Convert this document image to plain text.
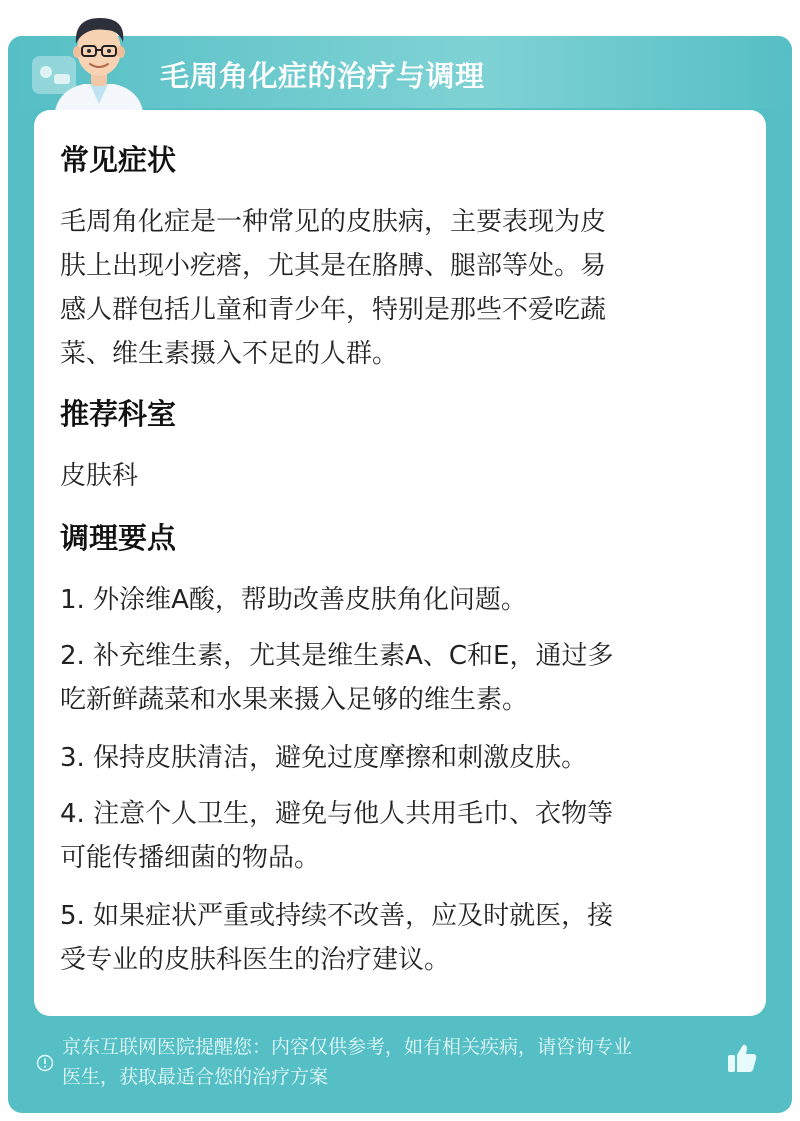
毛周角化症的治疗与调理
常见症状
毛周角化症是一种常见的皮肤病，主要表现为皮
肤上出现小疙瘩，尤其是在胳膊、腿部等处。易
感人群包括儿童和青少年，特别是那些不爱吃蔬
菜、维生素摄入不足的人群。
推荐科室
皮肤科
调理要点
1. 外涂维A酸，帮助改善皮肤角化问题。
2. 补充维生素，尤其是维生素A、C和E，通过多
吃新鲜蔬菜和水果来摄入足够的维生素。
3. 保持皮肤清洁，避免过度摩擦和刺激皮肤。
4. 注意个人卫生，避免与他人共用毛巾、衣物等
可能传播细菌的物品。
5. 如果症状严重或持续不改善，应及时就医，接
受专业的皮肤科医生的治疗建议。
京东互联网医院提醒您：内容仅供参考，如有相关疾病，请咨询专业
医生，获取最适合您的治疗方案
